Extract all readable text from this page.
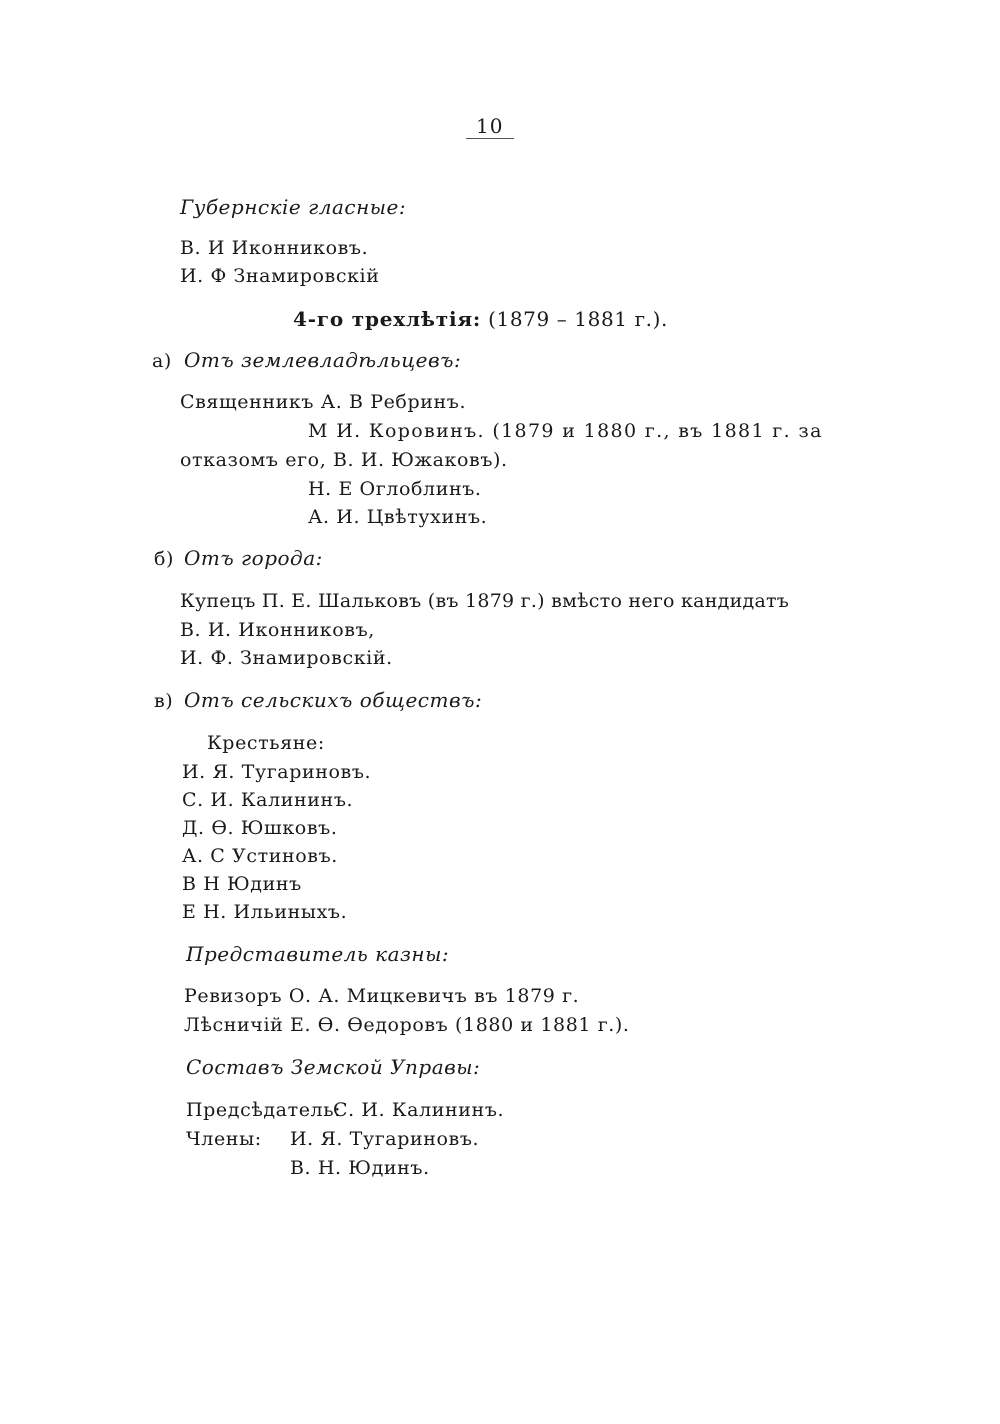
10
Губернскіе гласные:
В. И Иконниковъ.
И. Ф Знамировскій
4-го трехлѣтія: (1879 – 1881 г.).
а) Отъ землевладѣльцевъ:
Священникъ А. В Ребринъ.
М И. Коровинъ. (1879 и 1880 г., въ 1881 г. за
отказомъ его, В. И. Южаковъ).
Н. Е Оглоблинъ.
А. И. Цвѣтухинъ.
б) Отъ города:
Купецъ П. Е. Шальковъ (въ 1879 г.) вмѣсто него кандидатъ
В. И. Иконниковъ,
И. Ф. Знамировскій.
в) Отъ сельскихъ обществъ:
Крестьяне:
И. Я. Тугариновъ.
С. И. Калининъ.
Д. Ѳ. Юшковъ.
А. С Устиновъ.
В Н Юдинъ
Е Н. Ильиныхъ.
Представитель казны:
Ревизоръ О. А. Мицкевичъ въ 1879 г.
Лѣсничій Е. Ѳ. Ѳедоровъ (1880 и 1881 г.).
Составъ Земской Управы:
Предсѣдатель:
С. И. Калининъ.
Члены: И. Я. Тугариновъ.
В. Н. Юдинъ.
